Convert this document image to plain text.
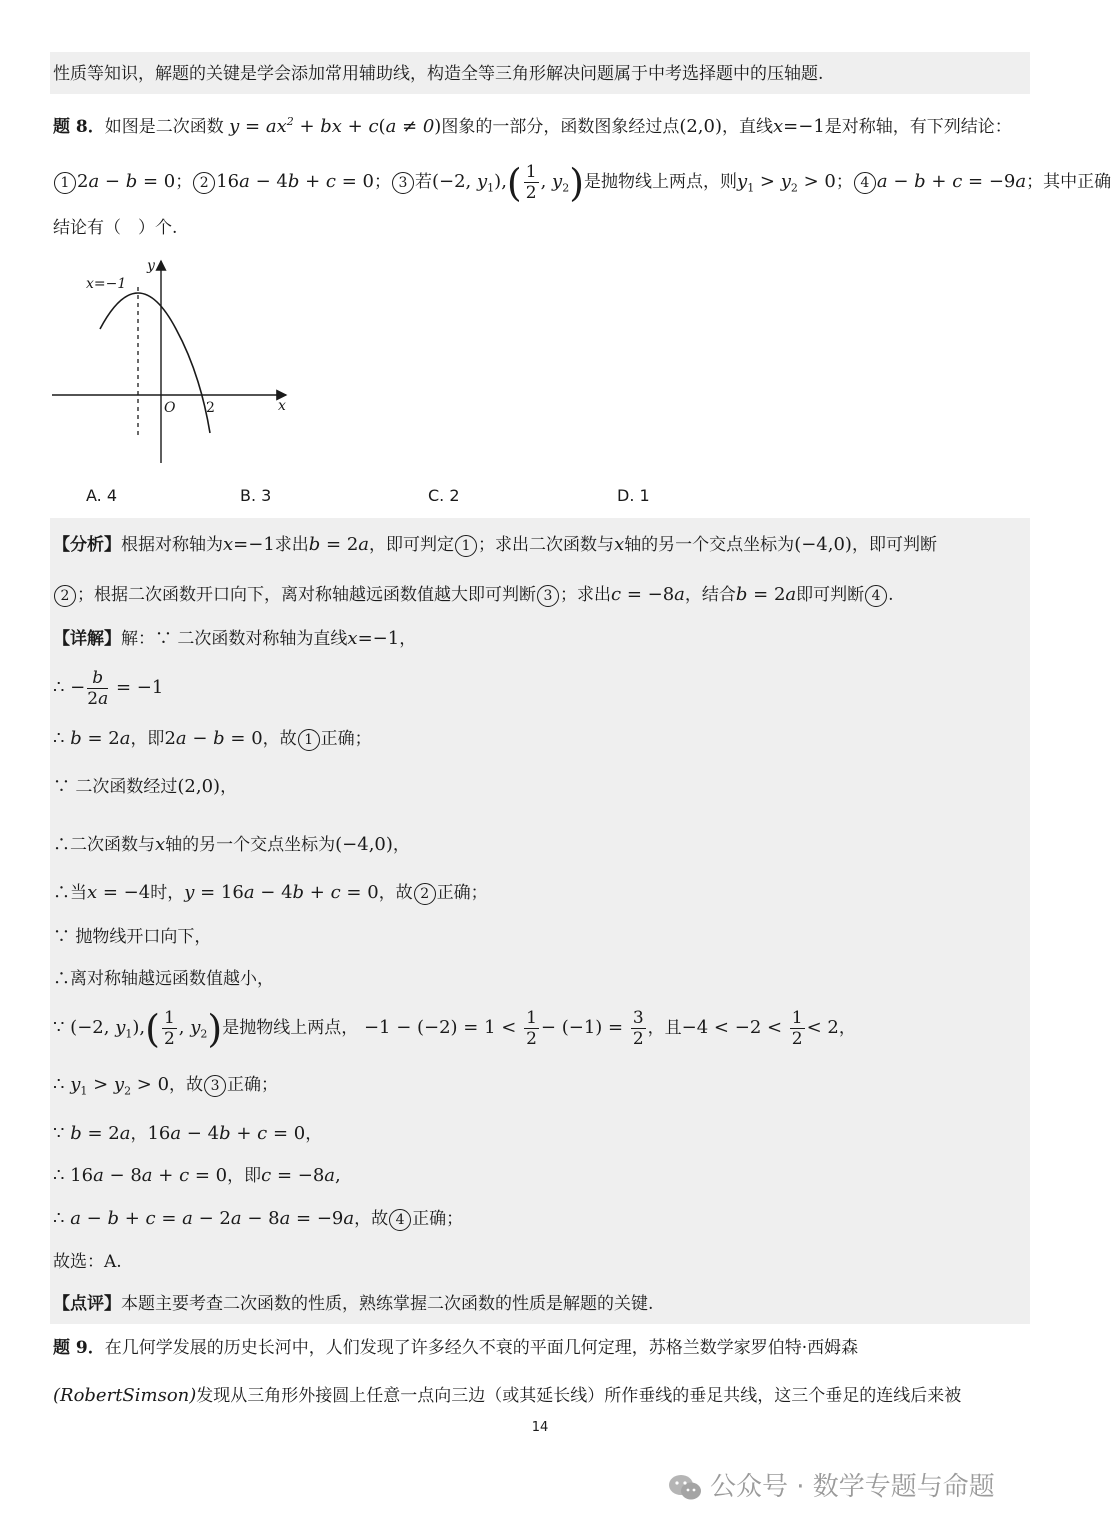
性质等知识，解题的关键是学会添加常用辅助线，构造全等三角形解决问题属于中考选择题中的压轴题.
题 8．如图是二次函数 $y = ax^2$ + bx + c(a ≠ 0)图象的一部分，函数图象经过点(2,0)，直线x=−1是对称轴，有下列结论：
1 2a − b = 0； 2 16a − 4b + c = 0； 3 若(−2, $y_1),( \frac{1}{2}$ , $y_2$)是抛物线上两点，则$y_1 > y_2 > 0$； 4 a − b + c = −9a；其中正确
结论有（　）个.
x=−1
y
x
O 2
A. 4	B. 3	C. 2	D. 1
【分析】根据对称轴为x=−1求出b = 2a，即可判定 1 ；求出二次函数与x轴的另一个交点坐标为(−4,0)，即可判断
2 ；根据二次函数开口向下，离对称轴越远函数值越大即可判断 3 ；求出c = −8a，结合b = 2a即可判断 4 .
【详解】解：∵ 二次函数对称轴为直线x=−1，
∴ − $\frac{b}{2a} = -1$
∴ b = 2a，即2a − b = 0，故 1 正确；
∵ 二次函数经过(2,0)，
∴二次函数与x轴的另一个交点坐标为(−4,0)，
∴当x = −4时，y = 16a − 4b + c = 0，故 2 正确；
∵ 抛物线开口向下，
∴离对称轴越远函数值越小，
∵ (−2, $y_1),( \frac{1}{2}$ , $y_2$)是抛物线上两点， $-1 - (-2) = 1 < \frac{1}{2} - (-1) = \frac{3}{2}$ ，且$-4 < -2 < \frac{1}{2} < 2$，
∴ $y_1 > y_2 > 0$，故 3 正确；
∵ b = 2a，16a − 4b + c = 0，
∴ 16a − 8a + c = 0，即c = −8a,
∴ a − b + c = a − 2a − 8a = −9a，故 4 正确；
故选：A.
【点评】本题主要考查二次函数的性质，熟练掌握二次函数的性质是解题的关键.
题 9．在几何学发展的历史长河中，人们发现了许多经久不衰的平面几何定理，苏格兰数学家罗伯特·西姆森
(RobertSimson)发现从三角形外接圆上任意一点向三边（或其延长线）所作垂线的垂足共线，这三个垂足的连线后来被
14
公众号 · 数学专题与命题
